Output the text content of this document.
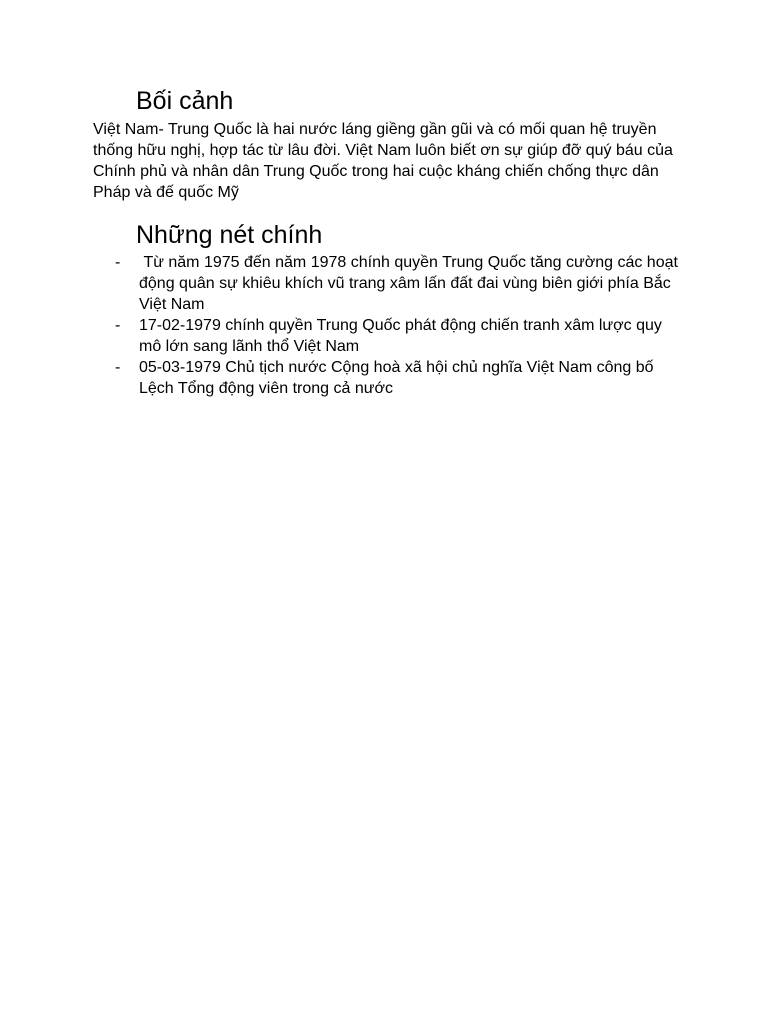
Bối cảnh

Việt Nam- Trung Quốc là hai nước láng giềng gần gũi và có mối quan hệ truyền thống hữu nghị, hợp tác từ lâu đời. Việt Nam luôn biết ơn sự giúp đỡ quý báu của Chính phủ và nhân dân Trung Quốc trong hai cuộc kháng chiến chống thực dân Pháp và đế quốc Mỹ

Những nét chính
- Từ năm 1975 đến năm 1978 chính quyền Trung Quốc tăng cường các hoạt động quân sự khiêu khích vũ trang xâm lấn đất đai vùng biên giới phía Bắc Việt Nam
- 17-02-1979 chính quyền Trung Quốc phát động chiến tranh xâm lược quy mô lớn sang lãnh thổ Việt Nam
- 05-03-1979 Chủ tịch nước Cộng hoà xã hội chủ nghĩa Việt Nam công bố Lệch Tổng động viên trong cả nước
